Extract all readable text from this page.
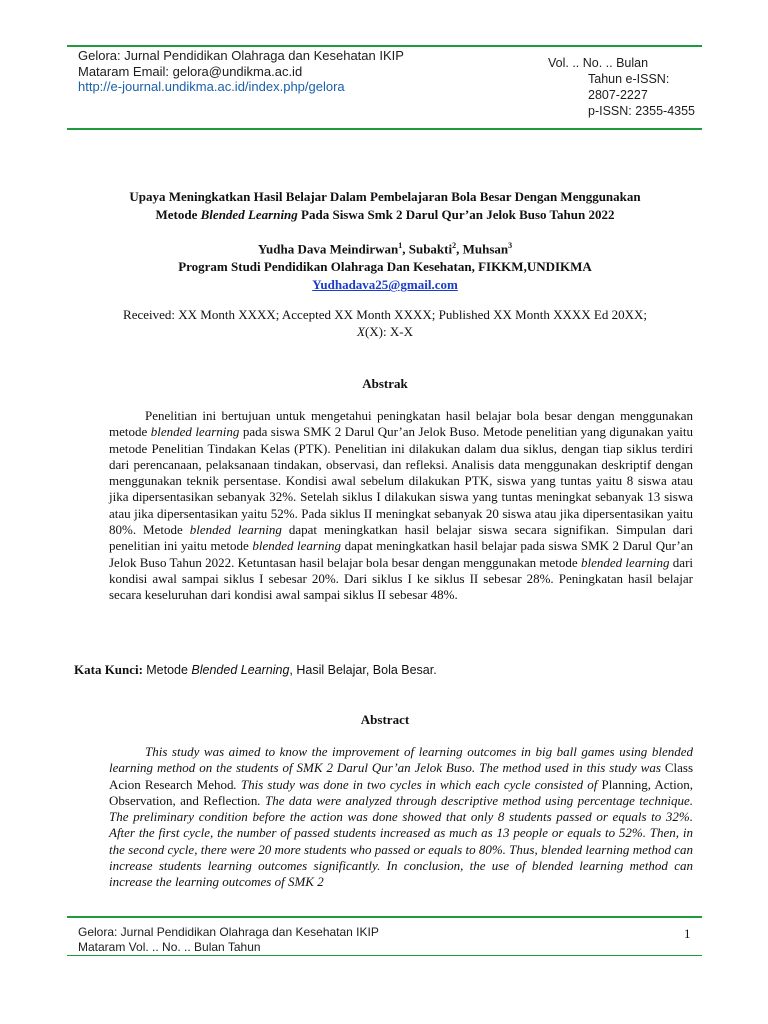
Gelora: Jurnal Pendidikan Olahraga dan Kesehatan IKIP
Mataram Email: gelora@undikma.ac.id
http://e-journal.undikma.ac.id/index.php/gelora
Vol. .. No. .. Bulan
Tahun e-ISSN:
2807-2227
p-ISSN: 2355-4355
Upaya Meningkatkan Hasil Belajar Dalam Pembelajaran Bola Besar Dengan Menggunakan
Metode Blended Learning Pada Siswa Smk 2 Darul Qur’an Jelok Buso Tahun 2022
Yudha Dava Meindirwan$^1$, Subakti$^2$, Muhsan$^3$
Program Studi Pendidikan Olahraga Dan Kesehatan, FIKKM,UNDIKMA
Yudhadava25@gmail.com
Received: XX Month XXXX; Accepted XX Month XXXX; Published XX Month XXXX Ed 20XX;
X(X): X-X
Abstrak

Penelitian ini bertujuan untuk mengetahui peningkatan hasil belajar bola besar dengan menggunakan metode blended learning pada siswa SMK 2 Darul Qur’an Jelok Buso. Metode penelitian yang digunakan yaitu metode Penelitian Tindakan Kelas (PTK). Penelitian ini dilakukan dalam dua siklus, dengan tiap siklus terdiri dari perencanaan, pelaksanaan tindakan, observasi, dan refleksi. Analisis data menggunakan deskriptif dengan menggunakan teknik persentase. Kondisi awal sebelum dilakukan PTK, siswa yang tuntas yaitu 8 siswa atau jika dipersentasikan sebanyak 32%. Setelah siklus I dilakukan siswa yang tuntas meningkat sebanyak 13 siswa atau jika dipersentasikan yaitu 52%. Pada siklus II meningkat sebanyak 20 siswa atau jika dipersentasikan yaitu 80%. Metode blended learning dapat meningkatkan hasil belajar siswa secara signifikan. Simpulan dari penelitian ini yaitu metode blended learning dapat meningkatkan hasil belajar pada siswa SMK 2 Darul Qur’an Jelok Buso Tahun 2022. Ketuntasan hasil belajar bola besar dengan menggunakan metode blended learning dari kondisi awal sampai siklus I sebesar 20%. Dari siklus I ke siklus II sebesar 28%. Peningkatan hasil belajar secara keseluruhan dari kondisi awal sampai siklus II sebesar 48%.

Kata Kunci: Metode Blended Learning, Hasil Belajar, Bola Besar.
Abstract

This study was aimed to know the improvement of learning outcomes in big ball games using blended learning method on the students of SMK 2 Darul Qur’an Jelok Buso. The method used in this study was Class Acion Research Mehod. This study was done in two cycles in which each cycle consisted of Planning, Action, Observation, and Reflection. The data were analyzed through descriptive method using percentage technique. The preliminary condition before the action was done showed that only 8 students passed or equals to 32%. After the first cycle, the number of passed students increased as much as 13 people or equals to 52%. Then, in the second cycle, there were 20 more students who passed or equals to 80%. Thus, blended learning method can increase students learning outcomes significantly. In conclusion, the use of blended learning method can increase the learning outcomes of SMK 2

Gelora: Jurnal Pendidikan Olahraga dan Kesehatan IKIP
Mataram Vol. .. No. .. Bulan Tahun
1
